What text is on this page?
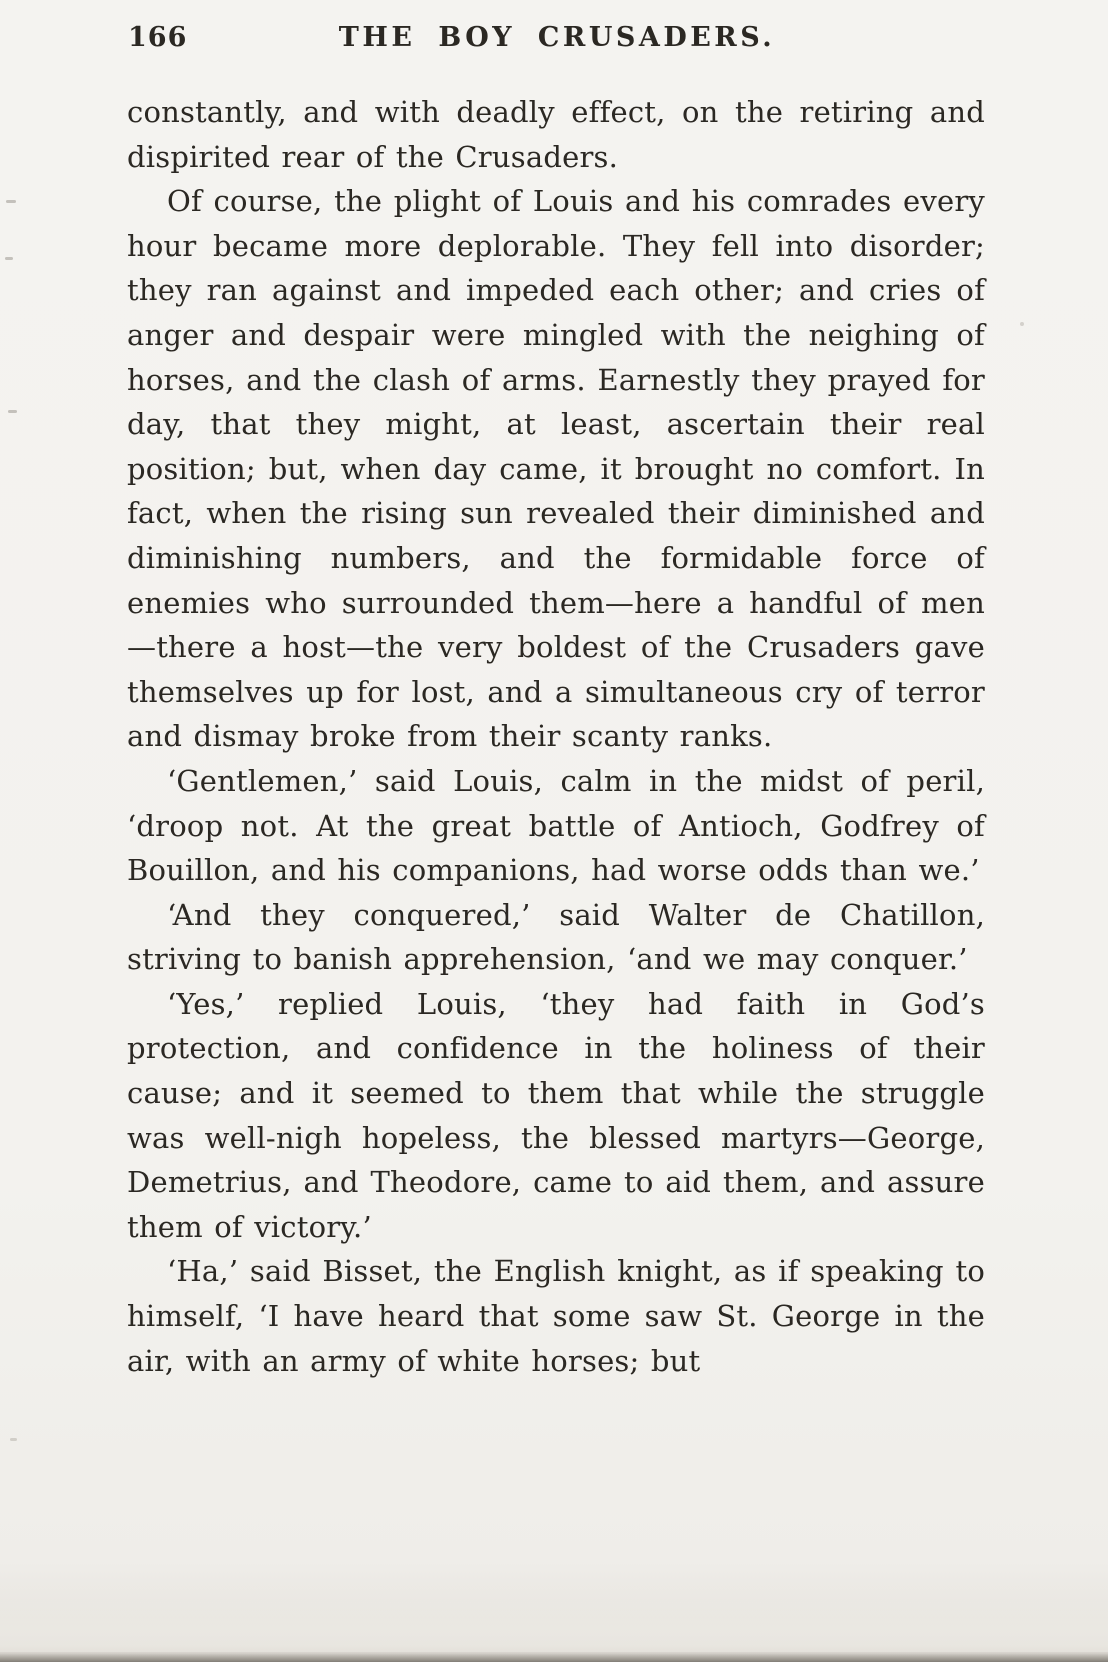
166	THE BOY CRUSADERS.

constantly, and with deadly effect, on the retiring and dispirited rear of the Crusaders.

Of course, the plight of Louis and his comrades every hour became more deplorable. They fell into disorder; they ran against and impeded each other; and cries of anger and despair were mingled with the neighing of horses, and the clash of arms. Earnestly they prayed for day, that they might, at least, ascertain their real position; but, when day came, it brought no comfort. In fact, when the rising sun revealed their diminished and diminishing numbers, and the formidable force of enemies who surrounded them—here a handful of men—there a host—the very boldest of the Crusaders gave themselves up for lost, and a simultaneous cry of terror and dismay broke from their scanty ranks.

‘Gentlemen,’ said Louis, calm in the midst of peril, ‘droop not. At the great battle of Antioch, Godfrey of Bouillon, and his companions, had worse odds than we.’

‘And they conquered,’ said Walter de Chatillon, striving to banish apprehension, ‘and we may conquer.’

‘Yes,’ replied Louis, ‘they had faith in God’s protection, and confidence in the holiness of their cause; and it seemed to them that while the struggle was well-nigh hopeless, the blessed martyrs—George, Demetrius, and Theodore, came to aid them, and assure them of victory.’

‘Ha,’ said Bisset, the English knight, as if speaking to himself, ‘I have heard that some saw St. George in the air, with an army of white horses; but
